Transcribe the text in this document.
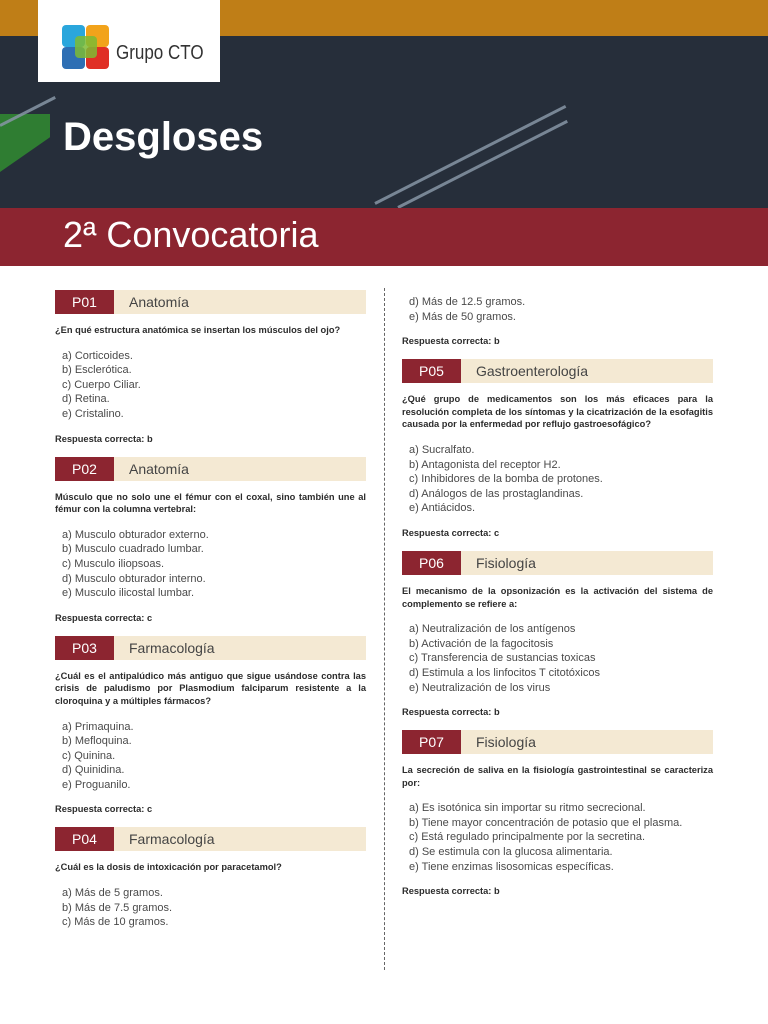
Grupo CTO
Desgloses
2ª Convocatoria
P01	Anatomía
¿En qué estructura anatómica se insertan los músculos del ojo?
a) Corticoides.
b) Esclerótica.
c) Cuerpo Ciliar.
d) Retina.
e) Cristalino.
Respuesta correcta: b
P02	Anatomía
Músculo que no solo une el fémur con el coxal, sino también une al fémur con la columna vertebral:
a) Musculo obturador externo.
b) Musculo cuadrado lumbar.
c) Musculo iliopsoas.
d) Musculo obturador interno.
e) Musculo ilicostal lumbar.
Respuesta correcta: c
P03	Farmacología
¿Cuál es el antipalúdico más antiguo que sigue usándose contra las crisis de paludismo por Plasmodium falciparum resistente a la cloroquina y a múltiples fármacos?
a) Primaquina.
b) Mefloquina.
c) Quinina.
d) Quinidina.
e) Proguanilo.
Respuesta correcta: c
P04	Farmacología
¿Cuál es la dosis de intoxicación por paracetamol?
a) Más de 5 gramos.
b) Más de 7.5 gramos.
c) Más de 10 gramos.
d) Más de 12.5 gramos.
e) Más de 50 gramos.
Respuesta correcta: b
P05	Gastroenterología
¿Qué grupo de medicamentos son los más eficaces para la resolución completa de los síntomas y la cicatrización de la esofagitis causada por la enfermedad por reflujo gastroesofágico?
a) Sucralfato.
b) Antagonista del receptor H2.
c) Inhibidores de la bomba de protones.
d) Análogos de las prostaglandinas.
e) Antiácidos.
Respuesta correcta: c
P06	Fisiología
El mecanismo de la opsonización es la activación del sistema de complemento se refiere a:
a) Neutralización de los antígenos
b) Activación de la fagocitosis
c) Transferencia de sustancias toxicas
d) Estimula a los linfocitos T citotóxicos
e) Neutralización de los virus
Respuesta correcta: b
P07	Fisiología
La secreción de saliva en la fisiología gastrointestinal se caracteriza por:
a) Es isotónica sin importar su ritmo secrecional.
b) Tiene mayor concentración de potasio que el plasma.
c) Está regulado principalmente por la secretina.
d) Se estimula con la glucosa alimentaria.
e) Tiene enzimas lisosomicas específicas.
Respuesta correcta: b
